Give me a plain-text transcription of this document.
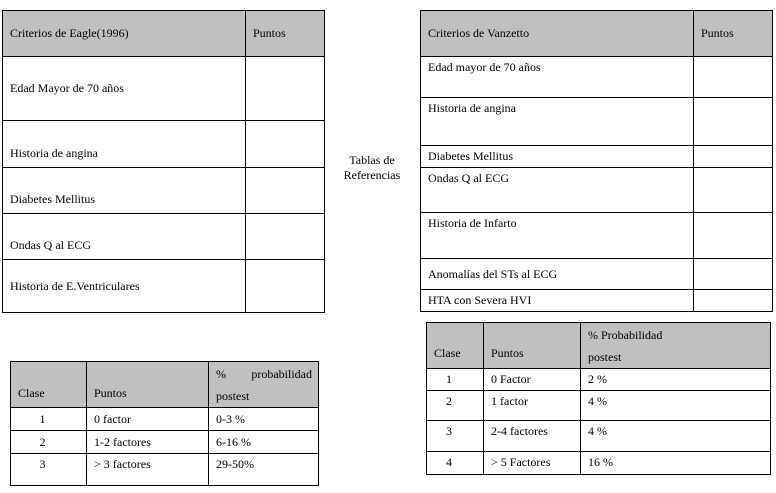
Criterios de Eagle(1996)	Puntos
Edad Mayor de 70 años	
Historia de angina	
Diabetes Mellitus	
Ondas Q al ECG	
Historia de E.Ventriculares	
Tablas de
Referencias
Criterios de Vanzetto	Puntos
Edad mayor de 70 años	
Historia de angina	
Diabetes Mellitus	
Ondas Q al ECG	
Historia de Infarto	
Anomalías del STs al ECG	
HTA con Severa HVI	
Clase	Puntos	% probabilidad
postest

1	0 factor	0-3 %
2	1-2 factores	6-16 %
3	> 3 factores	29-50%
Clase	Puntos	% Probabilidad
postest

1	0 Factor	2 %
2	1 factor	4 %
3	2-4 factores	4 %
4	> 5 Factores	16 %
